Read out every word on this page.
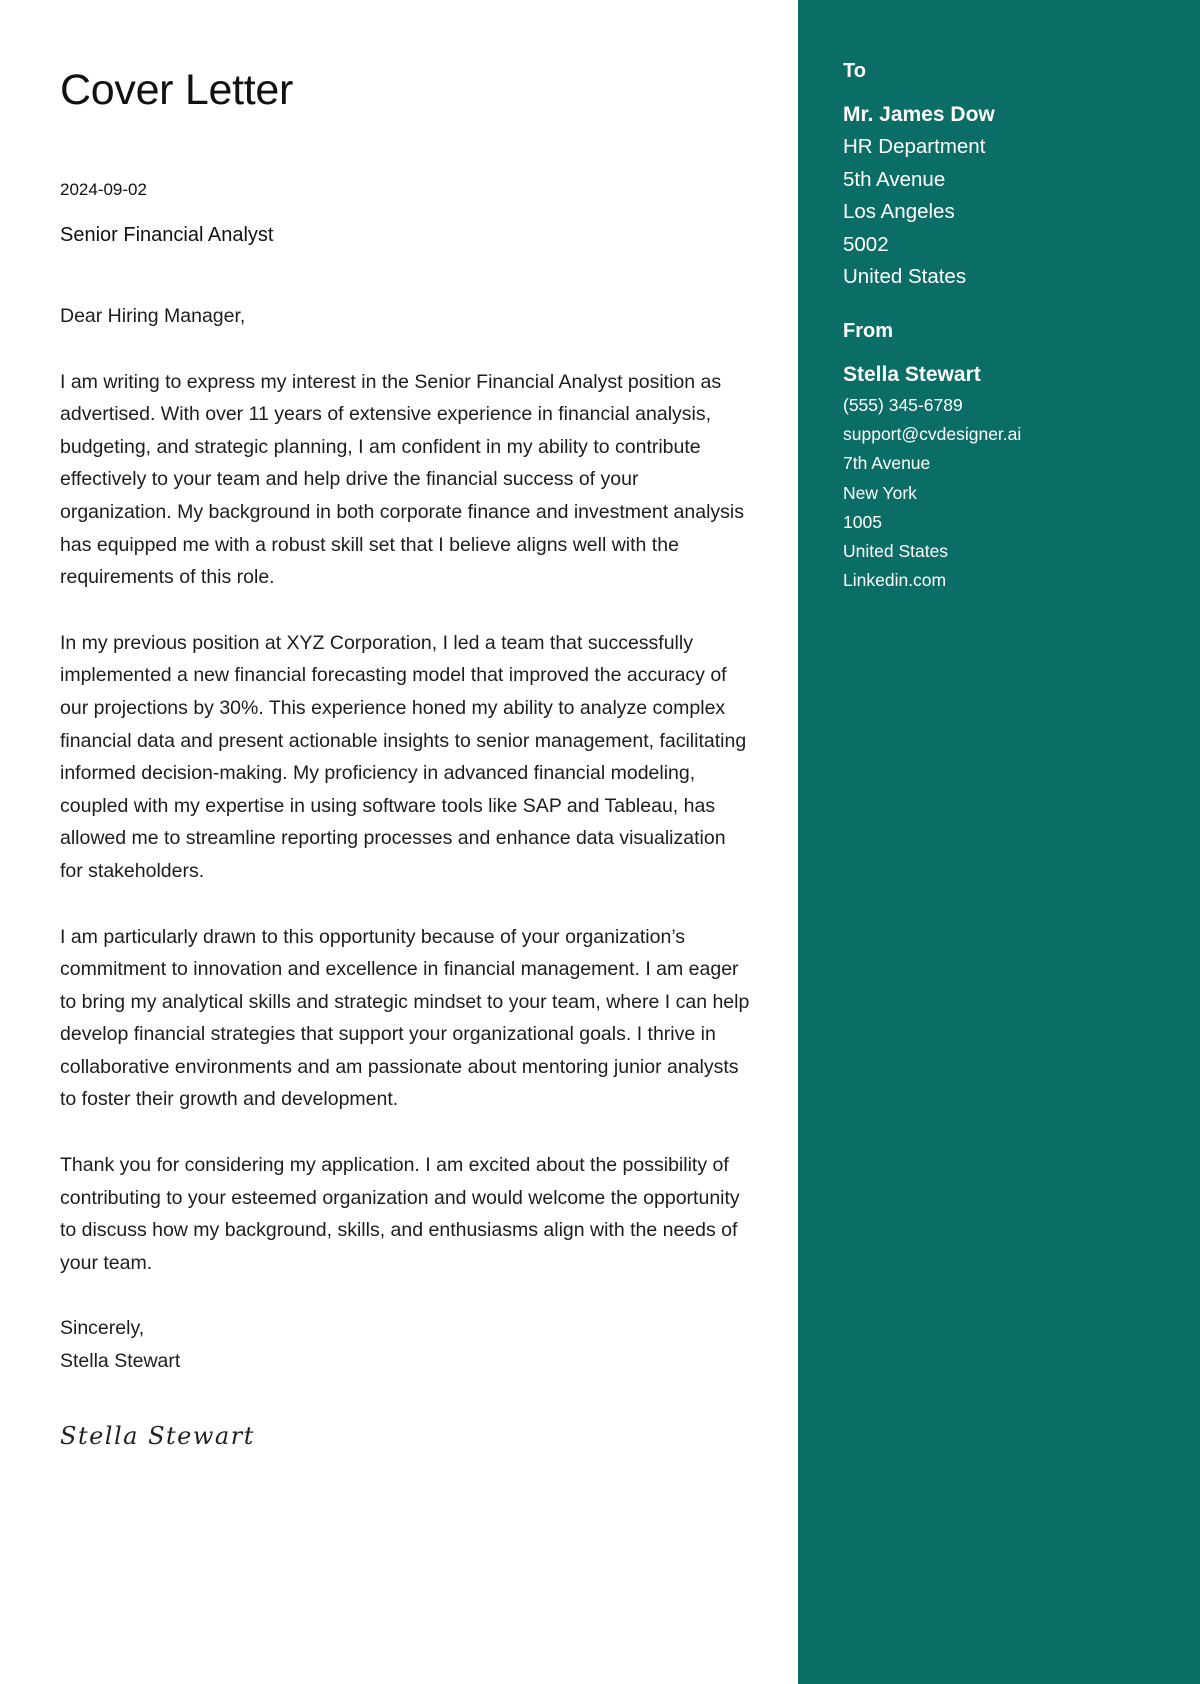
Cover Letter
2024-09-02
Senior Financial Analyst

Dear Hiring Manager,

I am writing to express my interest in the Senior Financial Analyst position as advertised. With over 11 years of extensive experience in financial analysis, budgeting, and strategic planning, I am confident in my ability to contribute effectively to your team and help drive the financial success of your organization. My background in both corporate finance and investment analysis has equipped me with a robust skill set that I believe aligns well with the requirements of this role.

In my previous position at XYZ Corporation, I led a team that successfully implemented a new financial forecasting model that improved the accuracy of our projections by 30%. This experience honed my ability to analyze complex financial data and present actionable insights to senior management, facilitating informed decision-making. My proficiency in advanced financial modeling, coupled with my expertise in using software tools like SAP and Tableau, has allowed me to streamline reporting processes and enhance data visualization for stakeholders.

I am particularly drawn to this opportunity because of your organization’s commitment to innovation and excellence in financial management. I am eager to bring my analytical skills and strategic mindset to your team, where I can help develop financial strategies that support your organizational goals. I thrive in collaborative environments and am passionate about mentoring junior analysts to foster their growth and development.

Thank you for considering my application. I am excited about the possibility of contributing to your esteemed organization and would welcome the opportunity to discuss how my background, skills, and enthusiasms align with the needs of your team.

Sincerely,
Stella Stewart
Stella Stewart
To
Mr. James Dow
HR Department
5th Avenue
Los Angeles
5002
United States
From
Stella Stewart
(555) 345-6789
support@cvdesigner.ai
7th Avenue
New York
1005
United States
Linkedin.com
